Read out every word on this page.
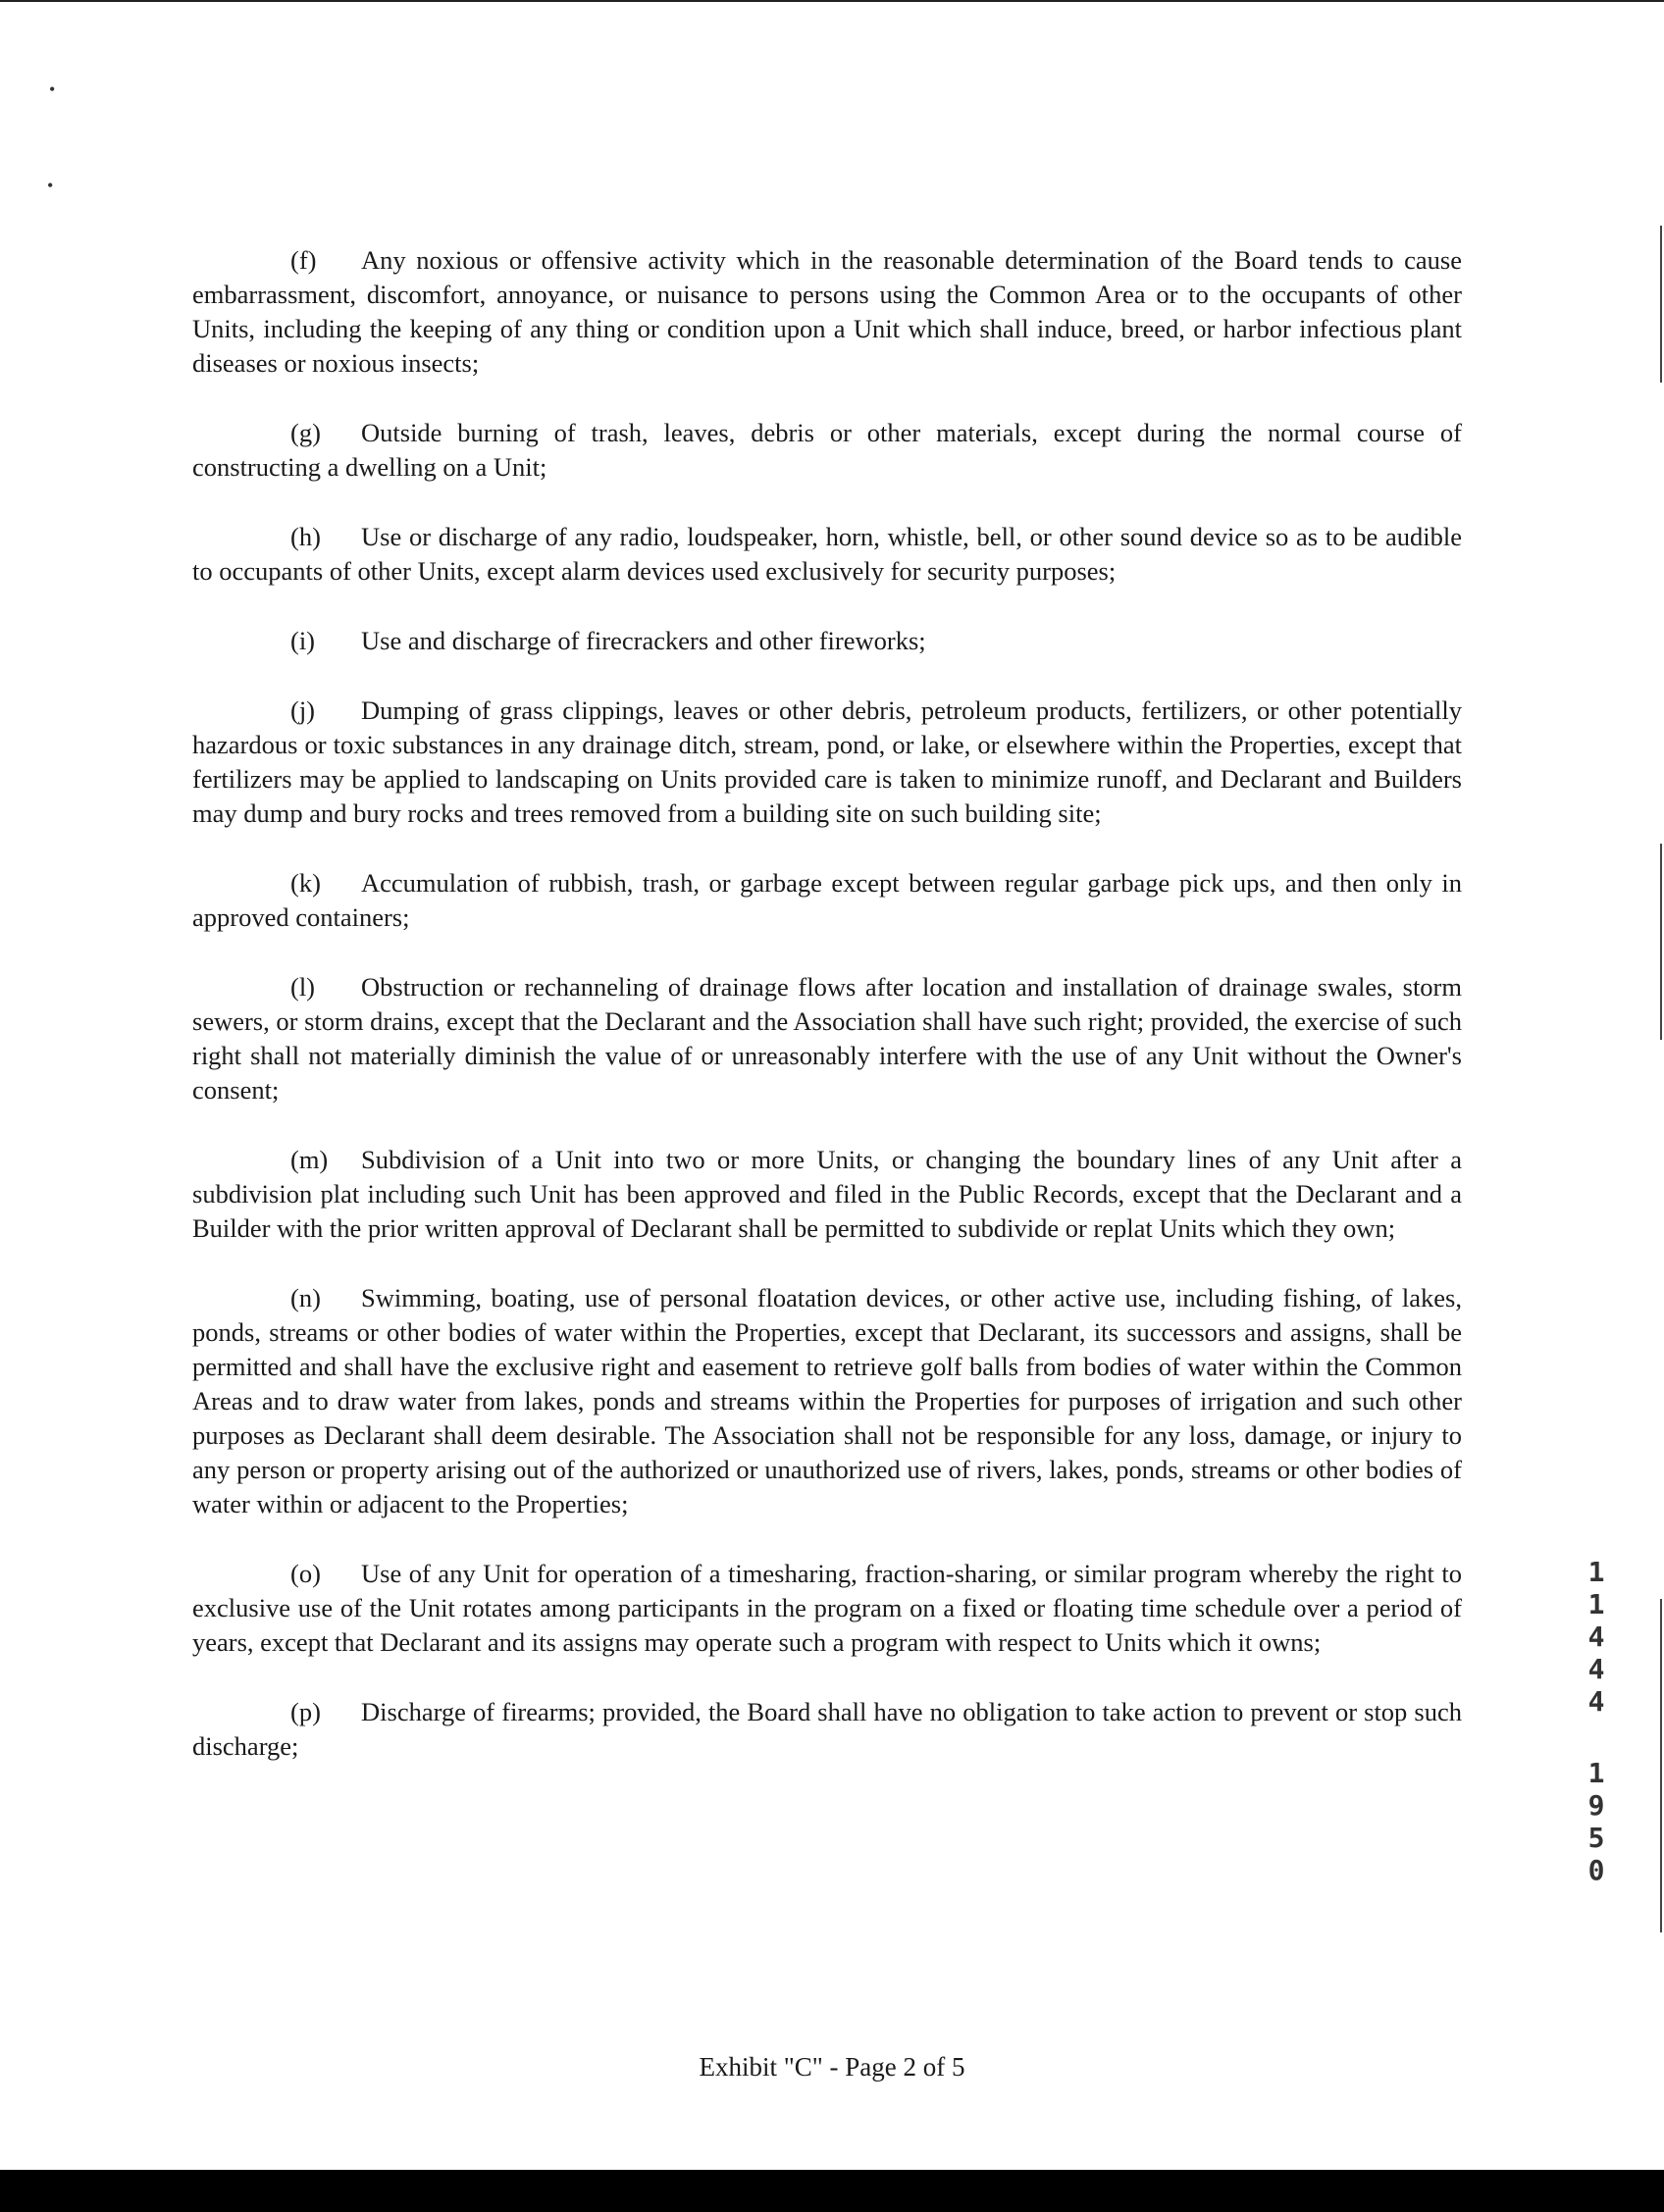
•
•

(f) Any noxious or offensive activity which in the reasonable determination of the Board tends to cause embarrassment, discomfort, annoyance, or nuisance to persons using the Common Area or to the occupants of other Units, including the keeping of any thing or condition upon a Unit which shall induce, breed, or harbor infectious plant diseases or noxious insects;

(g) Outside burning of trash, leaves, debris or other materials, except during the normal course of constructing a dwelling on a Unit;

(h) Use or discharge of any radio, loudspeaker, horn, whistle, bell, or other sound device so as to be audible to occupants of other Units, except alarm devices used exclusively for security purposes;

(i) Use and discharge of firecrackers and other fireworks;

(j) Dumping of grass clippings, leaves or other debris, petroleum products, fertilizers, or other potentially hazardous or toxic substances in any drainage ditch, stream, pond, or lake, or elsewhere within the Properties, except that fertilizers may be applied to landscaping on Units provided care is taken to minimize runoff, and Declarant and Builders may dump and bury rocks and trees removed from a building site on such building site;

(k) Accumulation of rubbish, trash, or garbage except between regular garbage pick ups, and then only in approved containers;

(l) Obstruction or rechanneling of drainage flows after location and installation of drainage swales, storm sewers, or storm drains, except that the Declarant and the Association shall have such right; provided, the exercise of such right shall not materially diminish the value of or unreasonably interfere with the use of any Unit without the Owner's consent;

(m) Subdivision of a Unit into two or more Units, or changing the boundary lines of any Unit after a subdivision plat including such Unit has been approved and filed in the Public Records, except that the Declarant and a Builder with the prior written approval of Declarant shall be permitted to subdivide or replat Units which they own;

(n) Swimming, boating, use of personal floatation devices, or other active use, including fishing, of lakes, ponds, streams or other bodies of water within the Properties, except that Declarant, its successors and assigns, shall be permitted and shall have the exclusive right and easement to retrieve golf balls from bodies of water within the Common Areas and to draw water from lakes, ponds and streams within the Properties for purposes of irrigation and such other purposes as Declarant shall deem desirable. The Association shall not be responsible for any loss, damage, or injury to any person or property arising out of the authorized or unauthorized use of rivers, lakes, ponds, streams or other bodies of water within or adjacent to the Properties;

(o) Use of any Unit for operation of a timesharing, fraction-sharing, or similar program whereby the right to exclusive use of the Unit rotates among participants in the program on a fixed or floating time schedule over a period of years, except that Declarant and its assigns may operate such a program with respect to Units which it owns;

(p) Discharge of firearms; provided, the Board shall have no obligation to take action to prevent or stop such discharge;

1
1
4
4
4
1
9
5
0
Exhibit "C" - Page 2 of 5
